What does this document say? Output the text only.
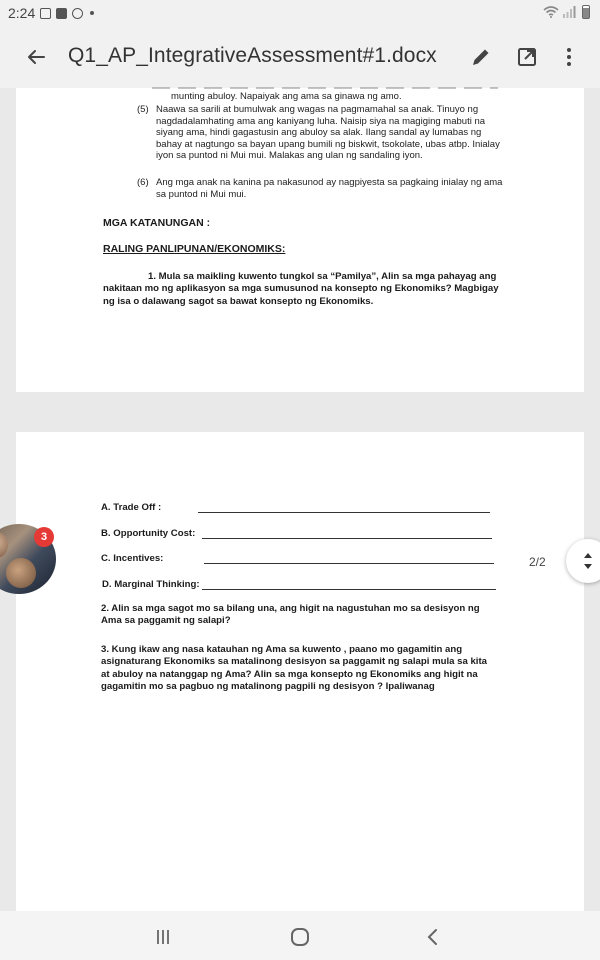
2:24
Q1_AP_IntegrativeAssessment#1.docx
munting abuloy. Napaiyak ang ama sa ginawa ng amo.
(5) Naawa sa sarili at bumulwak ang wagas na pagmamahal sa anak. Tinuyo ng
nagdadalamhating ama ang kaniyang luha. Naisip siya na magiging mabuti na
siyang ama, hindi gagastusin ang abuloy sa alak. Ilang sandal ay lumabas ng
bahay at nagtungo sa bayan upang bumili ng biskwit, tsokolate, ubas atbp. Inialay
iyon sa puntod ni Mui mui. Malakas ang ulan ng sandaling iyon.
(6) Ang mga anak na kanina pa nakasunod ay nagpiyesta sa pagkaing inialay ng ama
sa puntod ni Mui mui.
MGA KATANUNGAN :
RALING PANLIPUNAN/EKONOMIKS:
1. Mula sa maikling kuwento tungkol sa “Pamilya”, Alin sa mga pahayag ang
nakitaan mo ng aplikasyon sa mga sumusunod na konsepto ng Ekonomiks? Magbigay
ng isa o dalawang sagot sa bawat konsepto ng Ekonomiks.
A. Trade Off :
B. Opportunity Cost:
C. Incentives:
D. Marginal Thinking:
2. Alin sa mga sagot mo sa bilang una, ang higit na nagustuhan mo sa desisyon ng
Ama sa paggamit ng salapi?
3. Kung ikaw ang nasa katauhan ng Ama sa kuwento , paano mo gagamitin ang
asignaturang Ekonomiks sa matalinong desisyon sa paggamit ng salapi mula sa kita
at abuloy na natanggap ng Ama? Alin sa mga konsepto ng Ekonomiks ang higit na
gagamitin mo sa pagbuo ng matalinong pagpili ng desisyon ? Ipaliwanag
3
2/2
